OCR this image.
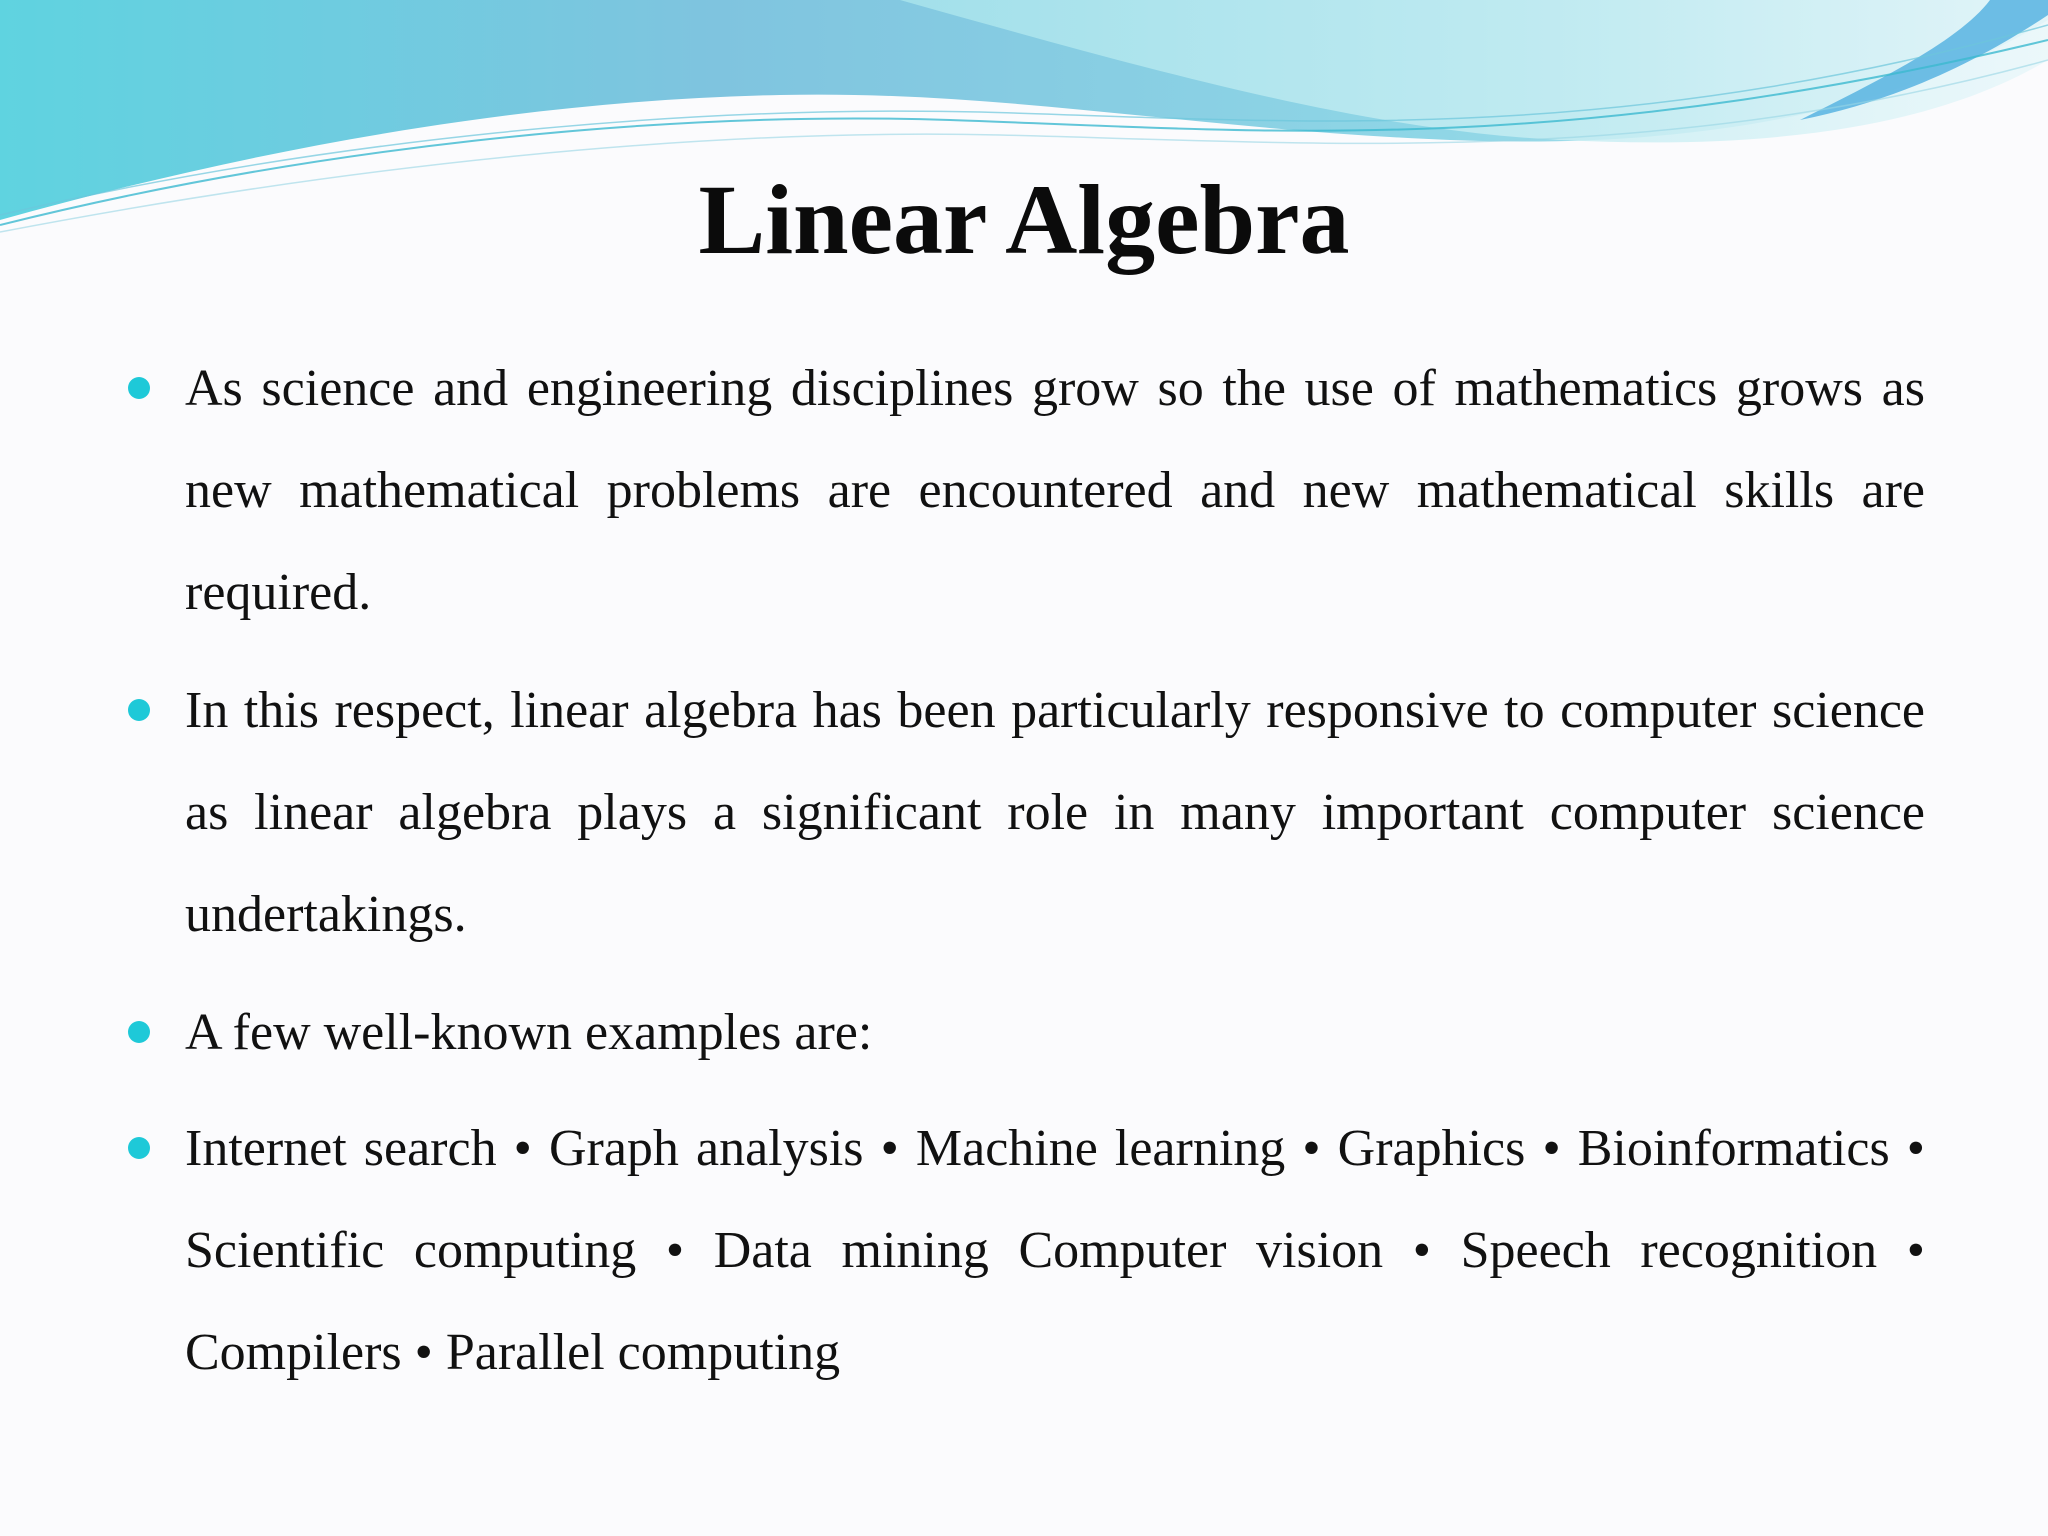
Linear Algebra
As science and engineering disciplines grow so the use of mathematics grows as new mathematical problems are encountered and new mathematical skills are required.
In this respect, linear algebra has been particularly responsive to computer science as linear algebra plays a significant role in many important computer science undertakings.
A few well-known examples are:
Internet search • Graph analysis • Machine learning • Graphics • Bioinformatics • Scientific computing • Data mining Computer vision • Speech recognition • Compilers • Parallel computing
